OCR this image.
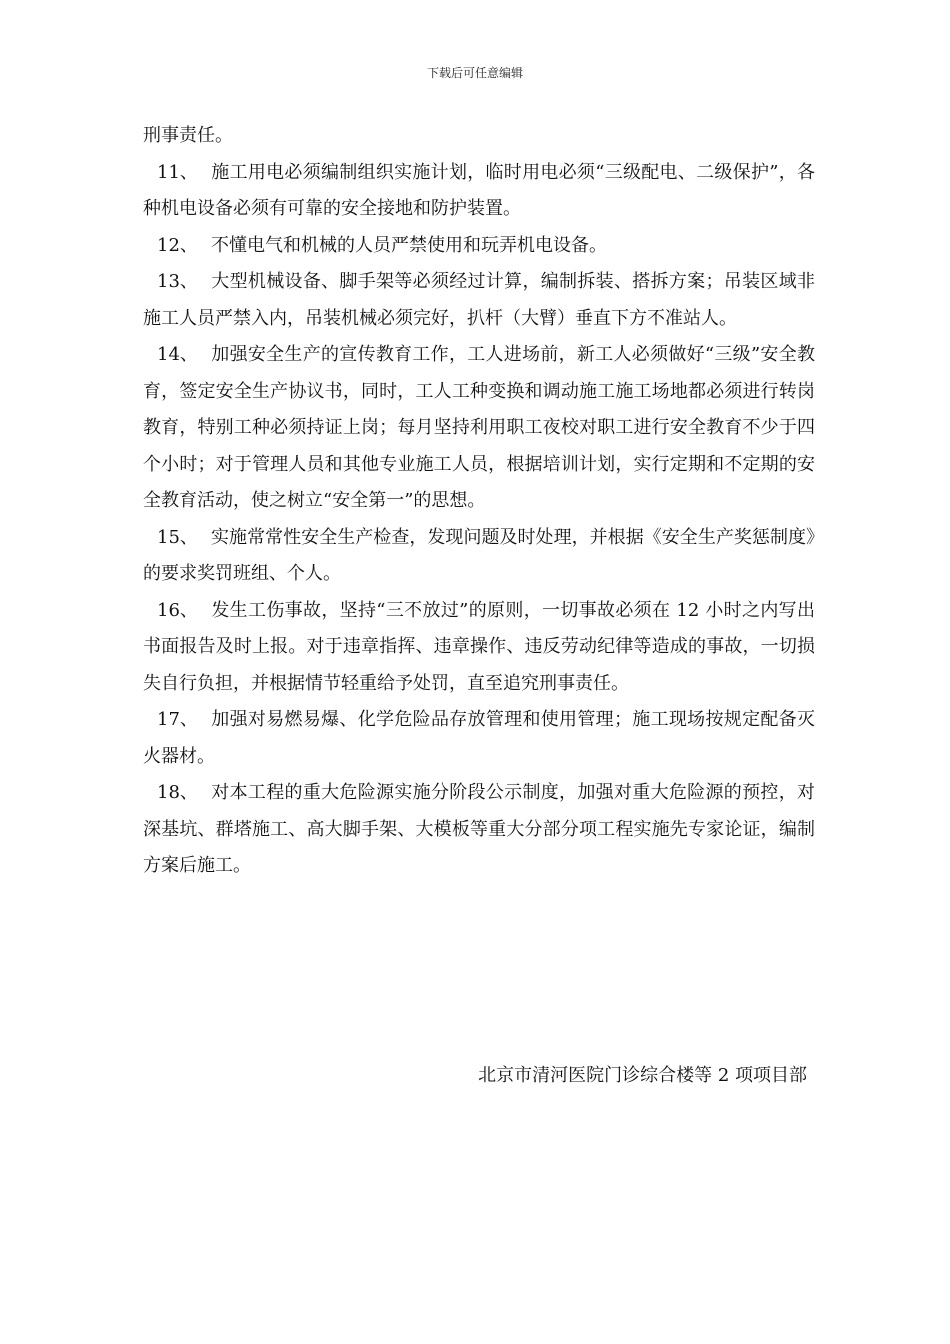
下载后可任意编辑

刑事责任。

11、 施工用电必须编制组织实施计划，临时用电必须“三级配电、二级保护”，各种机电设备必须有可靠的安全接地和防护装置。

12、 不懂电气和机械的人员严禁使用和玩弄机电设备。

13、 大型机械设备、脚手架等必须经过计算，编制拆装、搭拆方案；吊装区域非施工人员严禁入内，吊装机械必须完好，扒杆（大臂）垂直下方不准站人。

14、 加强安全生产的宣传教育工作，工人进场前，新工人必须做好“三级”安全教育，签定安全生产协议书，同时，工人工种变换和调动施工施工场地都必须进行转岗教育，特别工种必须持证上岗；每月坚持利用职工夜校对职工进行安全教育不少于四个小时；对于管理人员和其他专业施工人员，根据培训计划，实行定期和不定期的安全教育活动，使之树立“安全第一”的思想。

15、 实施常常性安全生产检查，发现问题及时处理，并根据《安全生产奖惩制度》的要求奖罚班组、个人。

16、 发生工伤事故，坚持“三不放过”的原则，一切事故必须在 12 小时之内写出书面报告及时上报。对于违章指挥、违章操作、违反劳动纪律等造成的事故，一切损失自行负担，并根据情节轻重给予处罚，直至追究刑事责任。

17、 加强对易燃易爆、化学危险品存放管理和使用管理；施工现场按规定配备灭火器材。

18、 对本工程的重大危险源实施分阶段公示制度，加强对重大危险源的预控，对深基坑、群塔施工、高大脚手架、大模板等重大分部分项工程实施先专家论证，编制方案后施工。

北京市清河医院门诊综合楼等 2 项项目部
